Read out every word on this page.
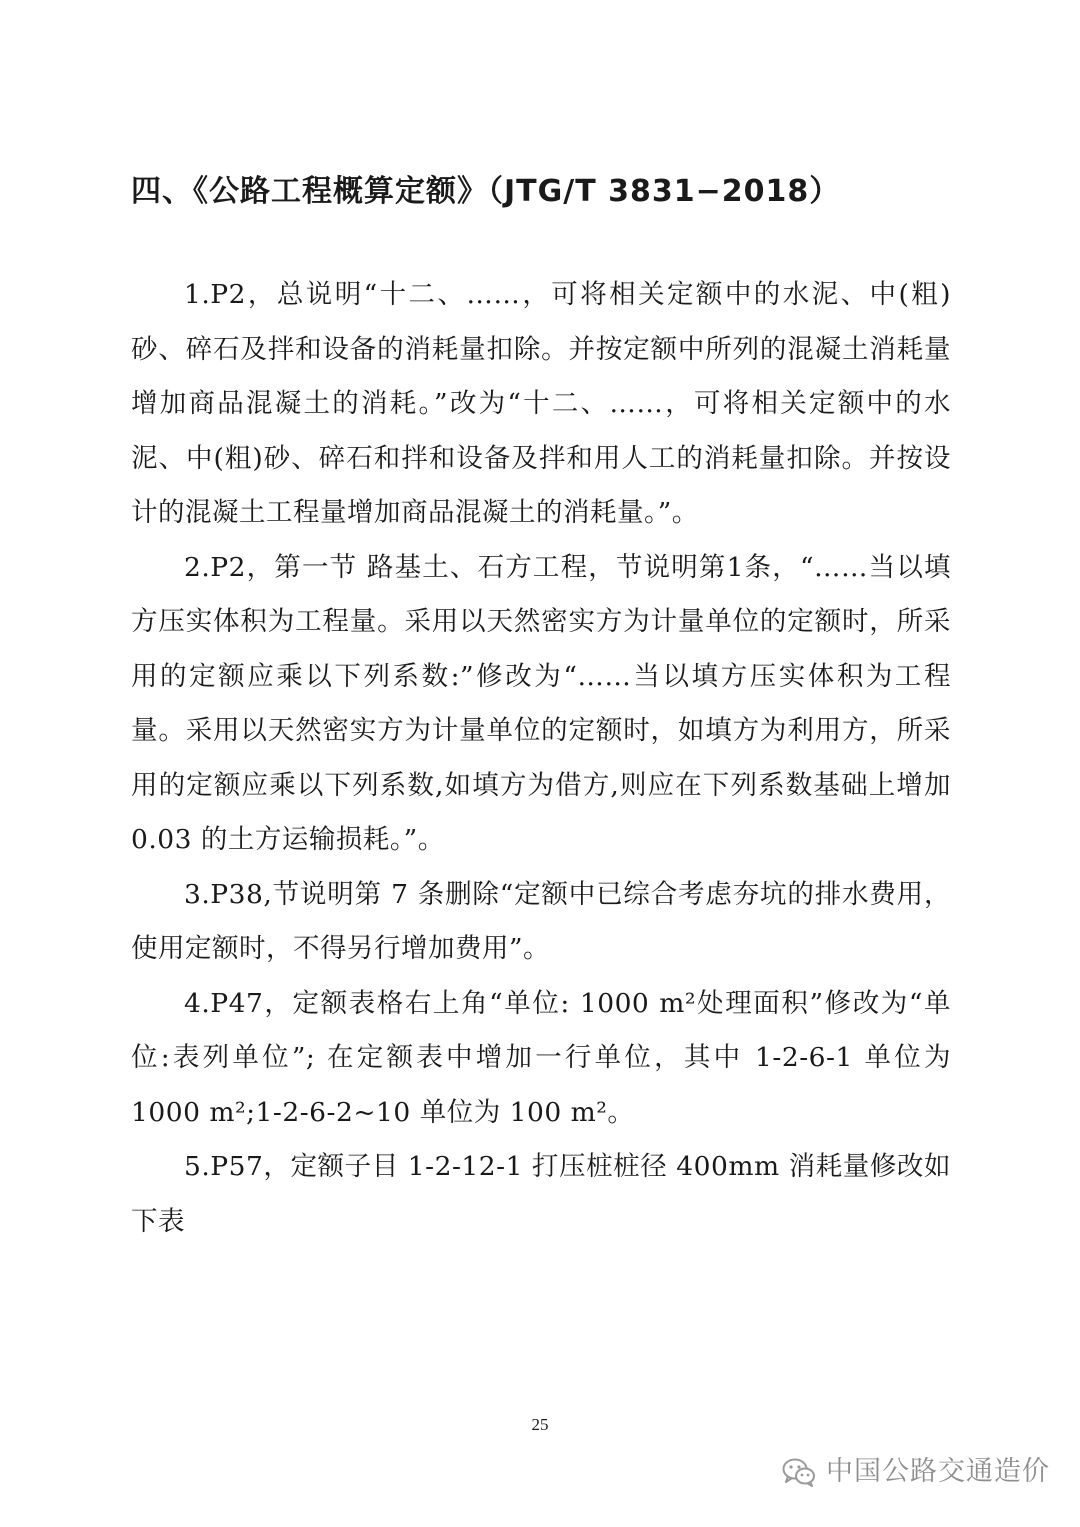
四、《公路工程概算定额》（JTG/T 3831−2018）

1.P2，总说明“十二、……，可将相关定额中的水泥、中(粗)砂、碎石及拌和设备的消耗量扣除。并按定额中所列的混凝土消耗量增加商品混凝土的消耗。”改为“十二、……，可将相关定额中的水泥、中(粗)砂、碎石和拌和设备及拌和用人工的消耗量扣除。并按设计的混凝土工程量增加商品混凝土的消耗量。”。

2.P2，第一节 路基土、石方工程，节说明第1条，“……当以填方压实体积为工程量。采用以天然密实方为计量单位的定额时，所采用的定额应乘以下列系数:”修改为“……当以填方压实体积为工程量。采用以天然密实方为计量单位的定额时，如填方为利用方，所采用的定额应乘以下列系数,如填方为借方,则应在下列系数基础上增加 0.03 的土方运输损耗。”。

3.P38,节说明第 7 条删除“定额中已综合考虑夯坑的排水费用，使用定额时，不得另行增加费用”。

4.P47，定额表格右上角“单位: 1000 m²处理面积”修改为“单位:表列单位”; 在定额表中增加一行单位，其中 1-2-6-1 单位为 1000 m²;1-2-6-2~10 单位为 100 m²。

5.P57，定额子目 1-2-12-1 打压桩桩径 400mm 消耗量修改如下表

25
中国公路交通造价
